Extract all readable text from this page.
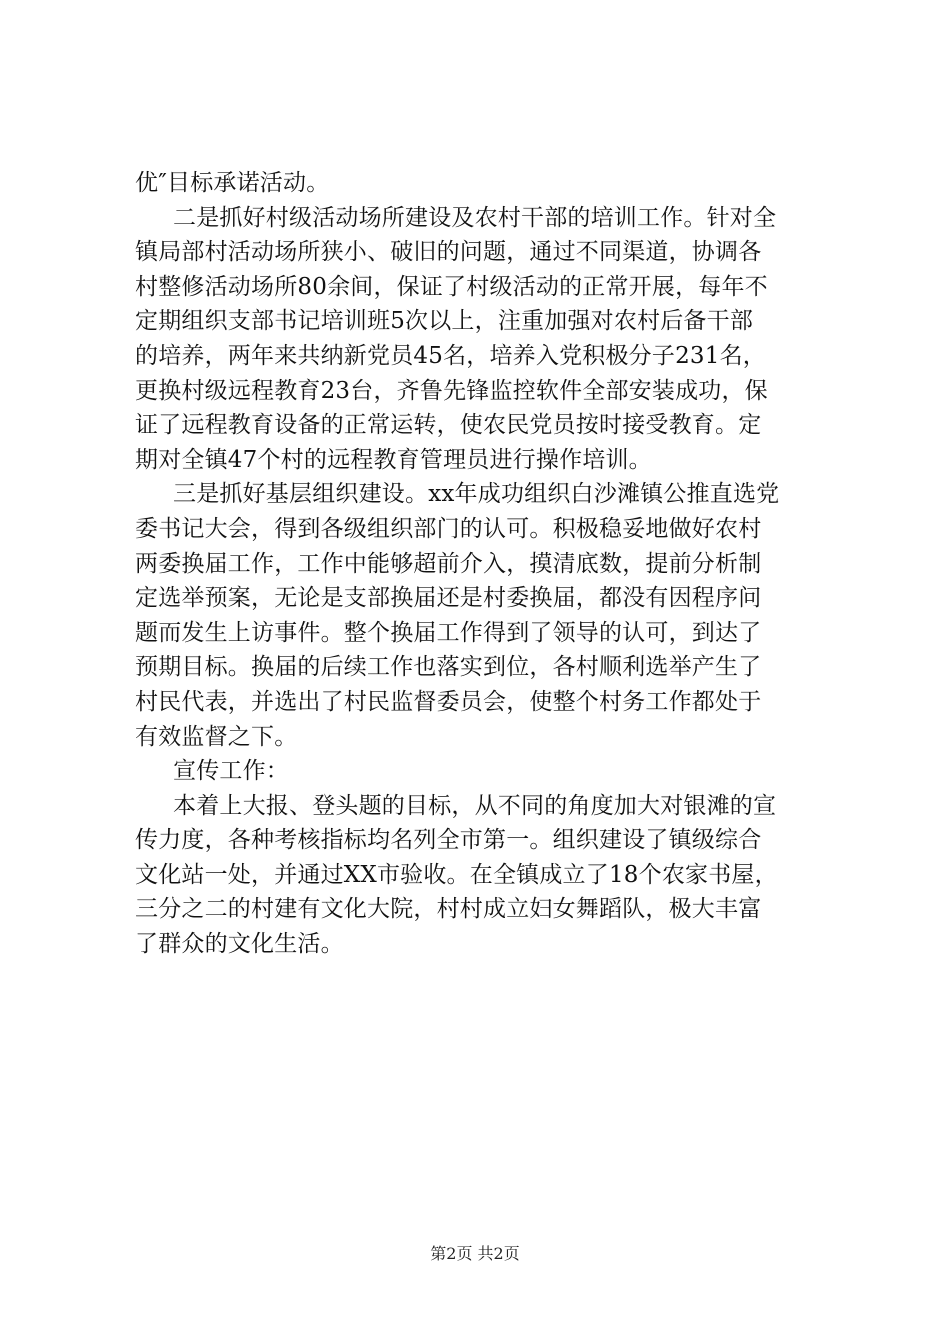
优″目标承诺活动。
二是抓好村级活动场所建设及农村干部的培训工作。针对全
镇局部村活动场所狭小、破旧的问题，通过不同渠道，协调各
村整修活动场所80余间，保证了村级活动的正常开展，每年不
定期组织支部书记培训班5次以上，注重加强对农村后备干部
的培养，两年来共纳新党员45名，培养入党积极分子231名，
更换村级远程教育23台，齐鲁先锋监控软件全部安装成功，保
证了远程教育设备的正常运转，使农民党员按时接受教育。定
期对全镇47个村的远程教育管理员进行操作培训。
三是抓好基层组织建设。xx年成功组织白沙滩镇公推直选党
委书记大会，得到各级组织部门的认可。积极稳妥地做好农村
两委换届工作，工作中能够超前介入，摸清底数，提前分析制
定选举预案，无论是支部换届还是村委换届，都没有因程序问
题而发生上访事件。整个换届工作得到了领导的认可，到达了
预期目标。换届的后续工作也落实到位，各村顺利选举产生了
村民代表，并选出了村民监督委员会，使整个村务工作都处于
有效监督之下。
宣传工作：
本着上大报、登头题的目标，从不同的角度加大对银滩的宣
传力度，各种考核指标均名列全市第一。组织建设了镇级综合
文化站一处，并通过XX市验收。在全镇成立了18个农家书屋，
三分之二的村建有文化大院，村村成立妇女舞蹈队，极大丰富
了群众的文化生活。
第2页 共2页
